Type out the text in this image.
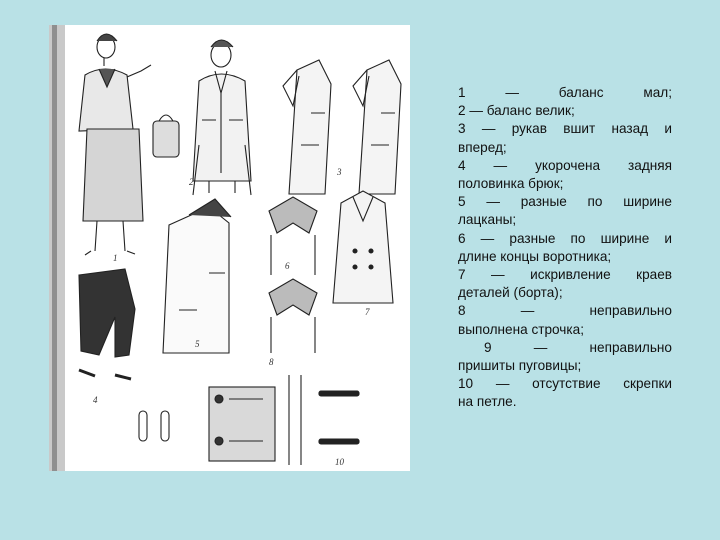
1
2
3
4
5
6
7
8
10
1 — баланс мал;
2 — баланс велик;
3 — рукав вшит назад и
вперед;
4 — укорочена задняя
половинка брюк;
5 — разные по ширине
лацканы;
6 — разные по ширине и
длине концы воротника;
7 — искривление краев
деталей (борта);
8 — неправильно
выполнена строчка;
9 — неправильно
пришиты пуговицы;
10 — отсутствие скрепки
на петле.
